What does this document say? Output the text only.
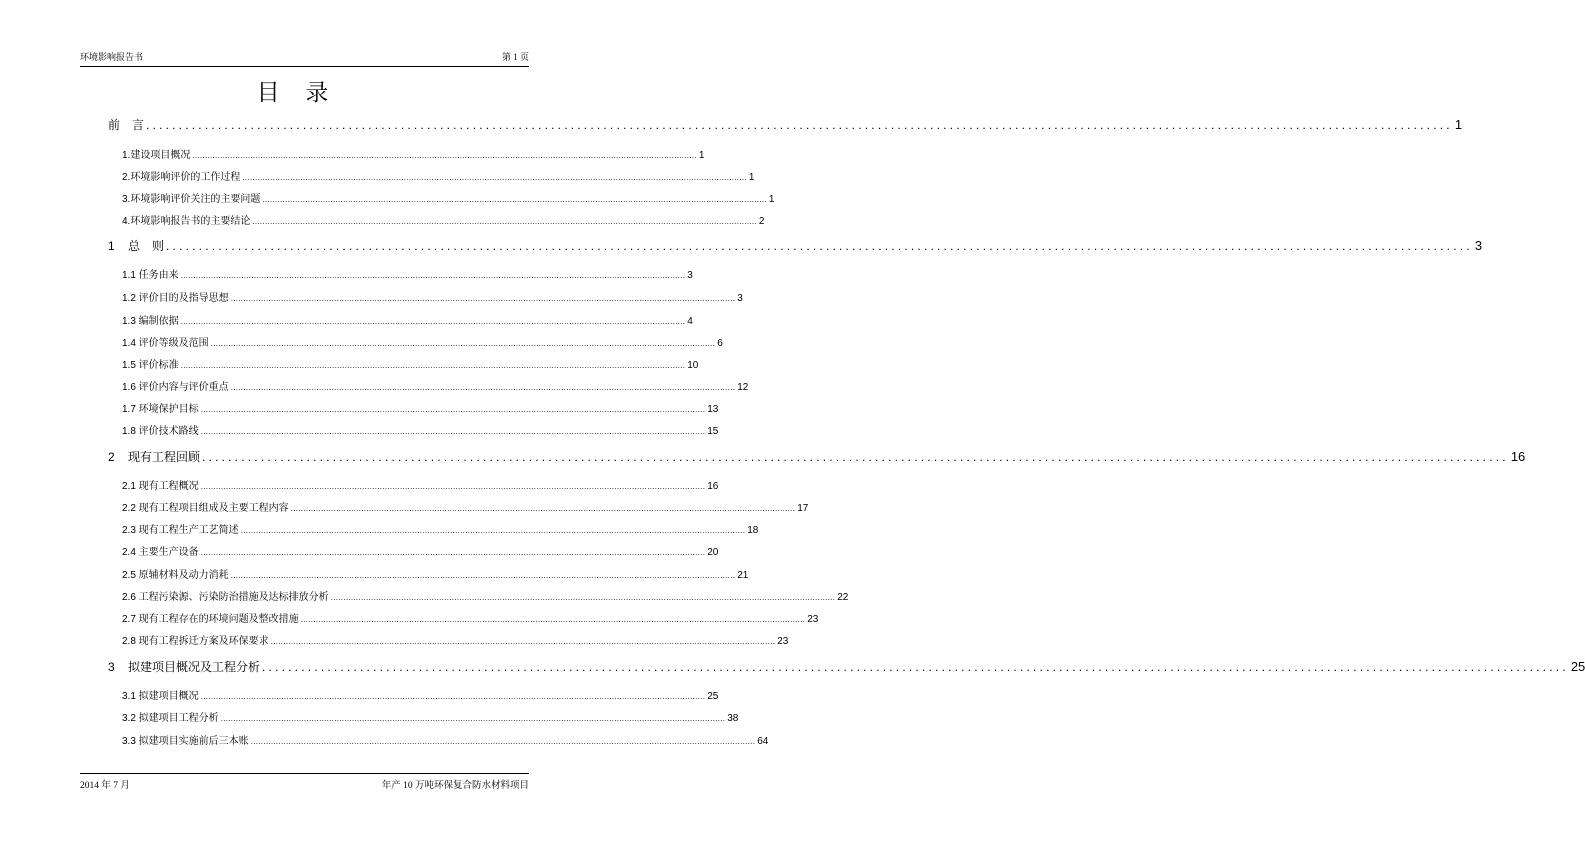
环境影响报告书	第 1 页
目 录
前　言 ........................................................................................................................................................................................................ 1
1.建设项目概况 ........................................................................................................................................................................................................ 1
2.环境影响评价的工作过程 ........................................................................................................................................................................................................ 1
3.环境影响评价关注的主要问题 ........................................................................................................................................................................................................ 1
4.环境影响报告书的主要结论 ........................................................................................................................................................................................................ 2
1 总　则 ........................................................................................................................................................................................................ 3
1.1 任务由来 ........................................................................................................................................................................................................ 3
1.2 评价目的及指导思想 ........................................................................................................................................................................................................ 3
1.3 编制依据 ........................................................................................................................................................................................................ 4
1.4 评价等级及范围 ........................................................................................................................................................................................................ 6
1.5 评价标准 ........................................................................................................................................................................................................ 10
1.6 评价内容与评价重点 ........................................................................................................................................................................................................ 12
1.7 环境保护目标 ........................................................................................................................................................................................................ 13
1.8 评价技术路线 ........................................................................................................................................................................................................ 15
2 现有工程回顾 ........................................................................................................................................................................................................ 16
2.1 现有工程概况 ........................................................................................................................................................................................................ 16
2.2 现有工程项目组成及主要工程内容 ........................................................................................................................................................................................................ 17
2.3 现有工程生产工艺简述 ........................................................................................................................................................................................................ 18
2.4 主要生产设备 ........................................................................................................................................................................................................ 20
2.5 原辅材料及动力消耗 ........................................................................................................................................................................................................ 21
2.6 工程污染源、污染防治措施及达标排放分析 ........................................................................................................................................................................................................ 22
2.7 现有工程存在的环境问题及整改措施 ........................................................................................................................................................................................................ 23
2.8 现有工程拆迁方案及环保要求 ........................................................................................................................................................................................................ 23
3 拟建项目概况及工程分析 ........................................................................................................................................................................................................ 25
3.1 拟建项目概况 ........................................................................................................................................................................................................ 25
3.2 拟建项目工程分析 ........................................................................................................................................................................................................ 38
3.3 拟建项目实施前后三本账 ........................................................................................................................................................................................................ 64
2014 年 7 月	年产 10 万吨环保复合防水材料项目
